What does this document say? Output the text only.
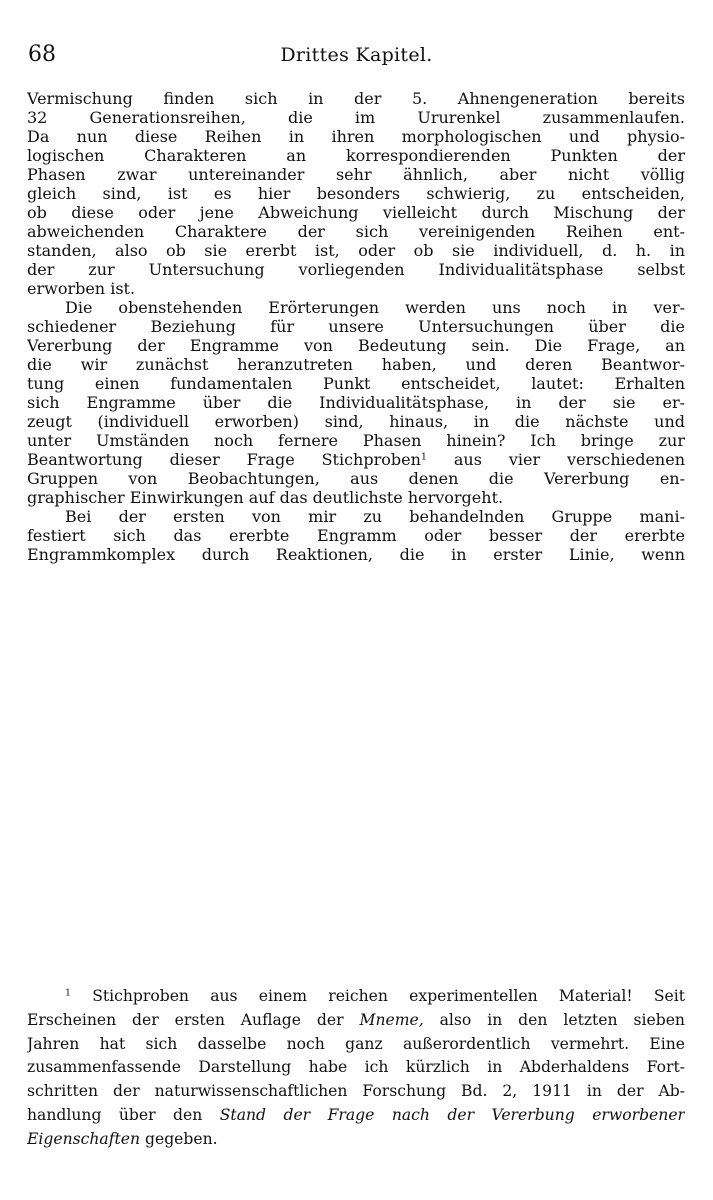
68	Drittes Kapitel.
Vermischung finden sich in der 5. Ahnengeneration bereits
32 Generationsreihen, die im Ururenkel zusammenlaufen.
Da nun diese Reihen in ihren morphologischen und physio-
logischen Charakteren an korrespondierenden Punkten der
Phasen zwar untereinander sehr ähnlich, aber nicht völlig
gleich sind, ist es hier besonders schwierig, zu entscheiden,
ob diese oder jene Abweichung vielleicht durch Mischung der
abweichenden Charaktere der sich vereinigenden Reihen ent-
standen, also ob sie ererbt ist, oder ob sie individuell, d. h. in
der zur Untersuchung vorliegenden Individualitätsphase selbst
erworben ist.
Die obenstehenden Erörterungen werden uns noch in ver-
schiedener Beziehung für unsere Untersuchungen über die
Vererbung der Engramme von Bedeutung sein. Die Frage, an
die wir zunächst heranzutreten haben, und deren Beantwor-
tung einen fundamentalen Punkt entscheidet, lautet: Erhalten
sich Engramme über die Individualitätsphase, in der sie er-
zeugt (individuell erworben) sind, hinaus, in die nächste und
unter Umständen noch fernere Phasen hinein? Ich bringe zur
Beantwortung dieser Frage Stichproben$^1$ aus vier verschiedenen
Gruppen von Beobachtungen, aus denen die Vererbung en-
graphischer Einwirkungen auf das deutlichste hervorgeht.
Bei der ersten von mir zu behandelnden Gruppe mani-
festiert sich das ererbte Engramm oder besser der ererbte
Engrammkomplex durch Reaktionen, die in erster Linie, wenn
$^1$ Stichproben aus einem reichen experimentellen Material! Seit
Erscheinen der ersten Auflage der Mneme, also in den letzten sieben
Jahren hat sich dasselbe noch ganz außerordentlich vermehrt. Eine
zusammenfassende Darstellung habe ich kürzlich in Abderhaldens Fort-
schritten der naturwissenschaftlichen Forschung Bd. 2, 1911 in der Ab-
handlung über den Stand der Frage nach der Vererbung erworbener
Eigenschaften gegeben.
